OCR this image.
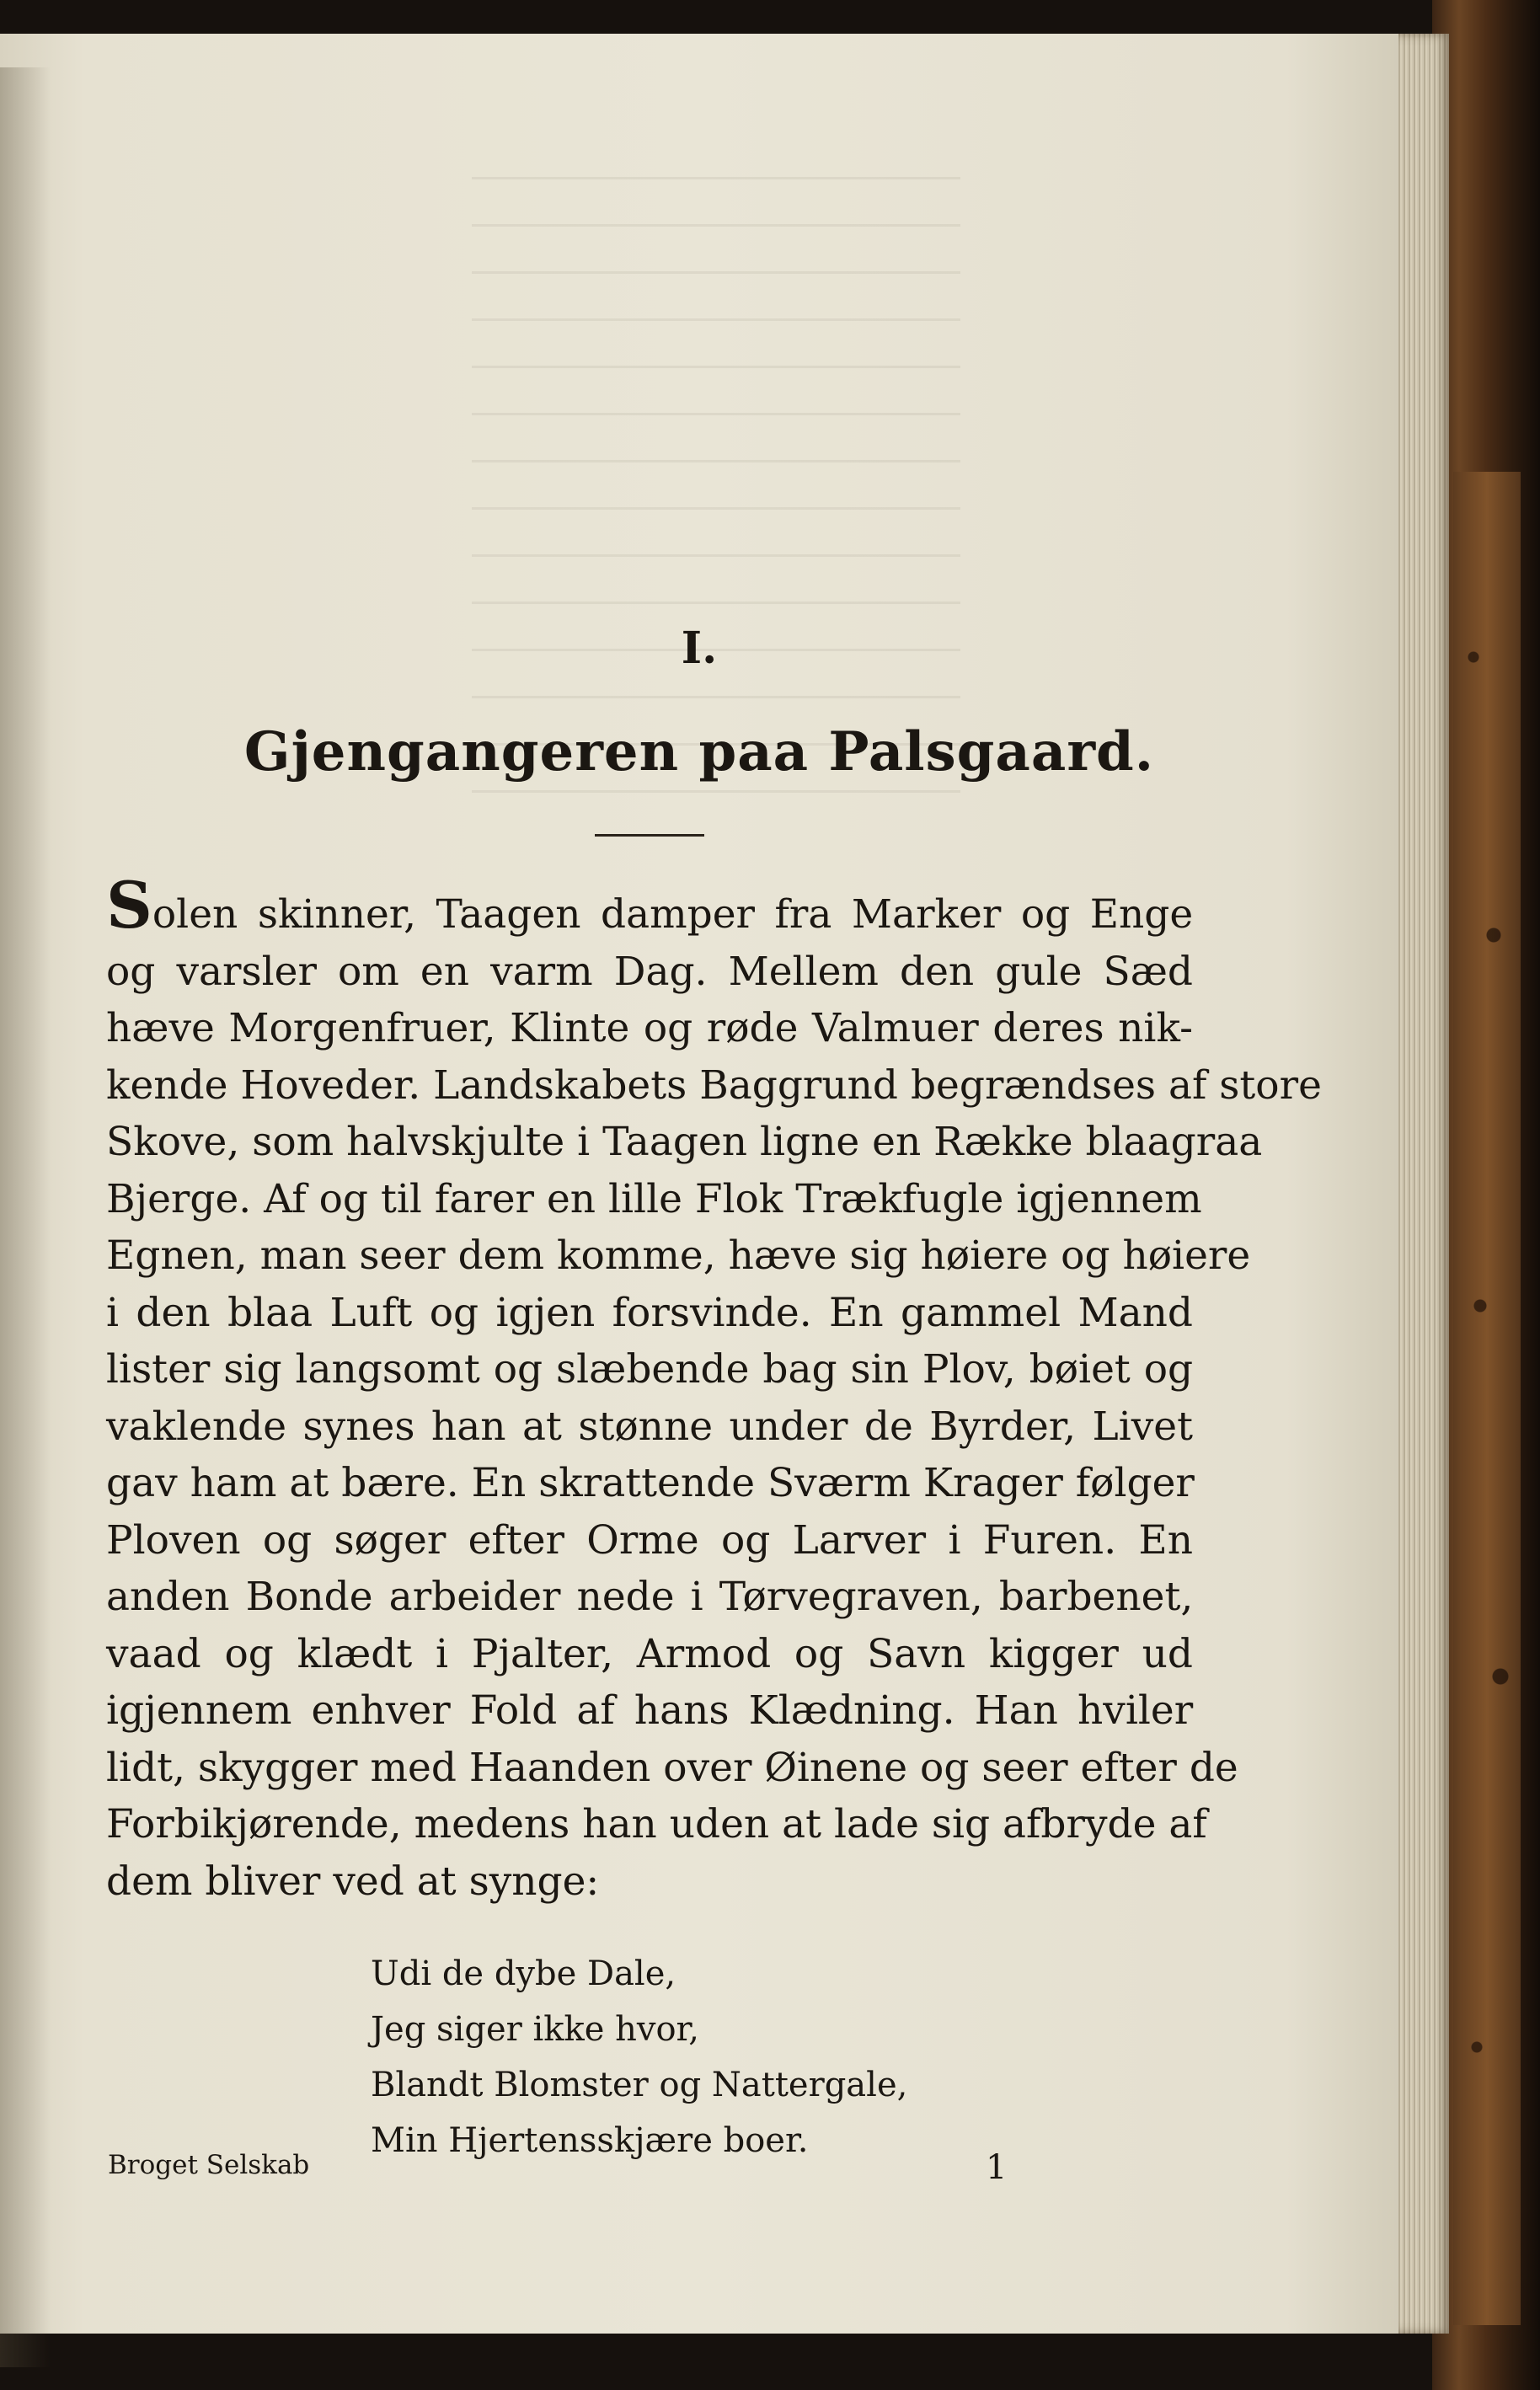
I.
Gjengangeren paa Palsgaard.
Solen skinner, Taagen damper fra Marker og Enge
og varsler om en varm Dag. Mellem den gule Sæd
hæve Morgenfruer, Klinte og røde Valmuer deres nik-
kende Hoveder. Landskabets Baggrund begrændses af store
Skove, som halvskjulte i Taagen ligne en Række blaagraa
Bjerge. Af og til farer en lille Flok Trækfugle igjennem
Egnen, man seer dem komme, hæve sig høiere og høiere
i den blaa Luft og igjen forsvinde. En gammel Mand
lister sig langsomt og slæbende bag sin Plov, bøiet og
vaklende synes han at stønne under de Byrder, Livet
gav ham at bære. En skrattende Sværm Krager følger
Ploven og søger efter Orme og Larver i Furen. En
anden Bonde arbeider nede i Tørvegraven, barbenet,
vaad og klædt i Pjalter, Armod og Savn kigger ud
igjennem enhver Fold af hans Klædning. Han hviler
lidt, skygger med Haanden over Øinene og seer efter de
Forbikjørende, medens han uden at lade sig afbryde af
dem bliver ved at synge:
Udi de dybe Dale,
Jeg siger ikke hvor,
Blandt Blomster og Nattergale,
Min Hjertensskjære boer.
Broget Selskab	1
